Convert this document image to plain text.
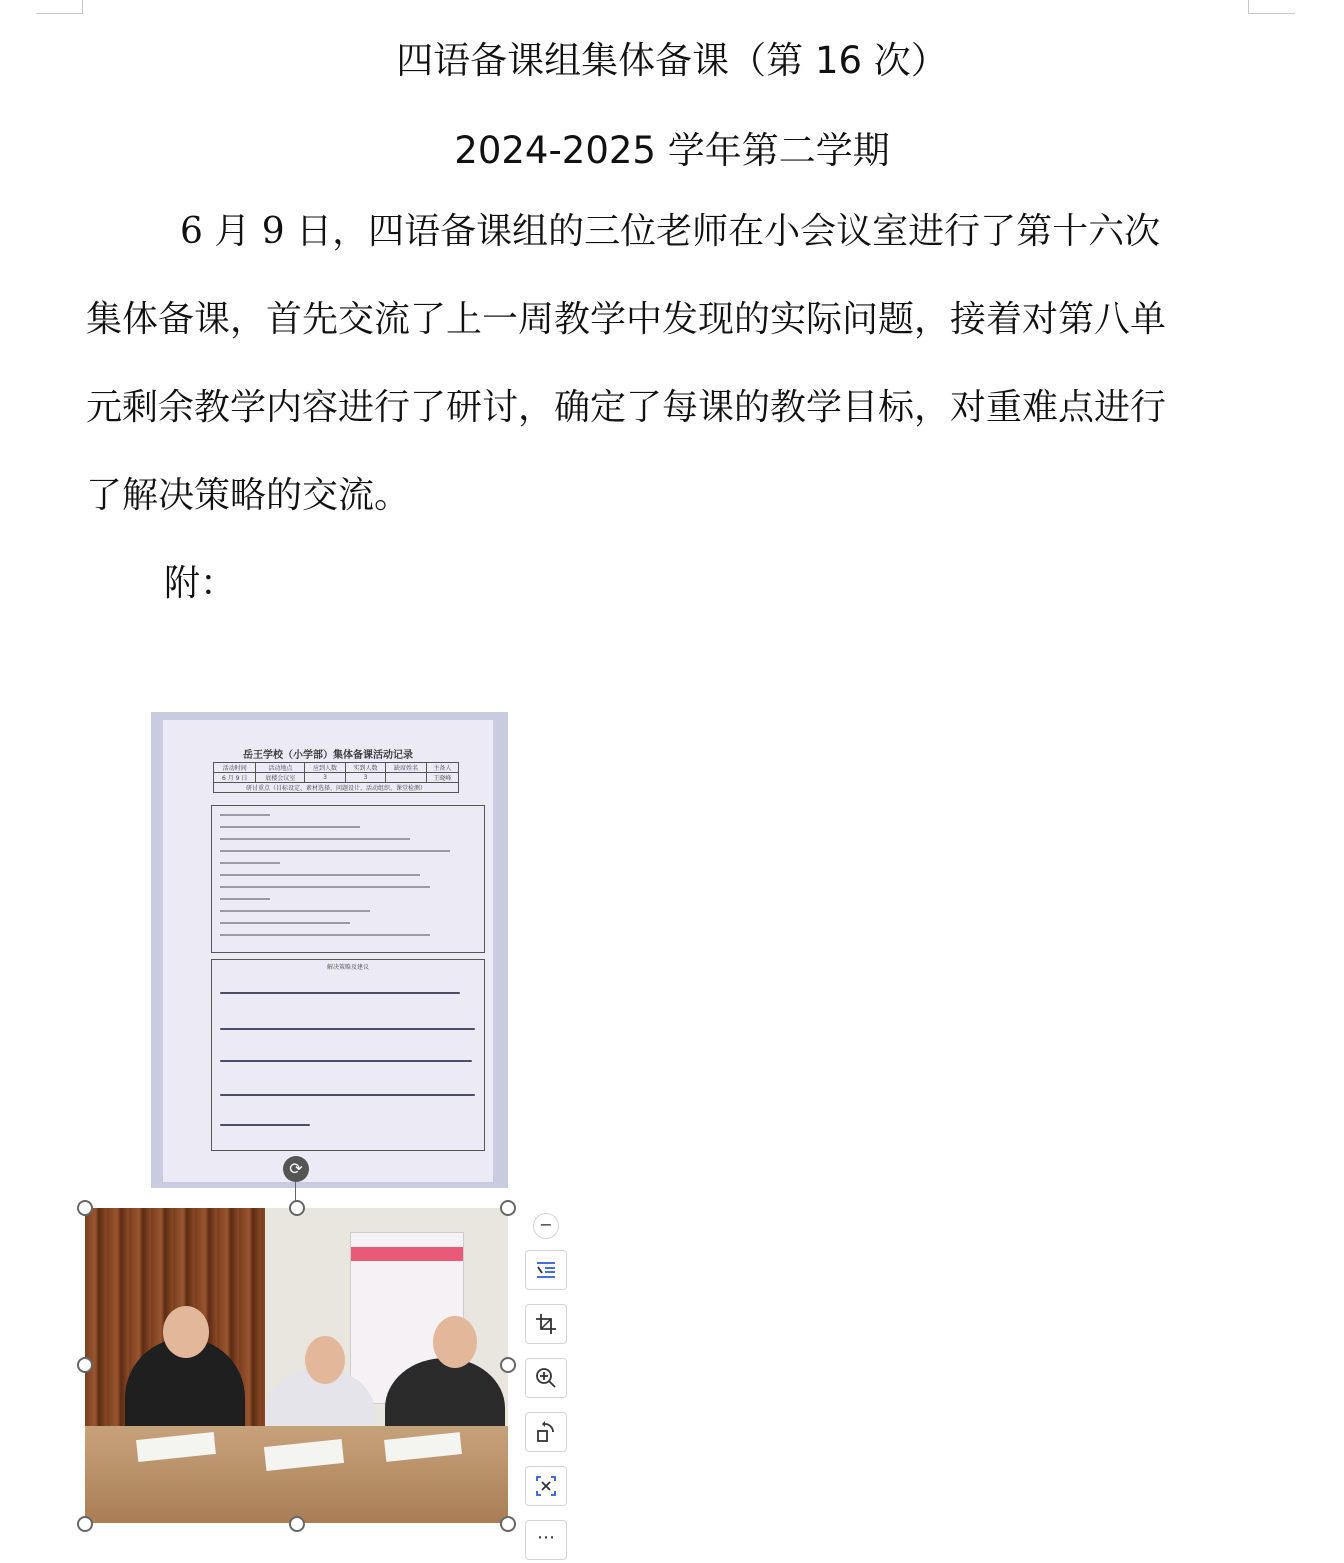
四语备课组集体备课（第 16 次）
2024-2025 学年第二学期
6 月 9 日，四语备课组的三位老师在小会议室进行了第十六次
集体备课，首先交流了上一周教学中发现的实际问题，接着对第八单
元剩余教学内容进行了研讨，确定了每课的教学目标，对重难点进行
了解决策略的交流。
附：
岳王学校（小学部）集体备课活动记录
活动时间	活动地点	应到人数	实到人数	缺席姓名	主备人
6 月 9 日	底楼会议室	3	3		王晓峰
研讨重点（目标设定、素材选择、问题设计、活动组织、课堂检测）					
解决策略及建议
⟳
−
⋯
